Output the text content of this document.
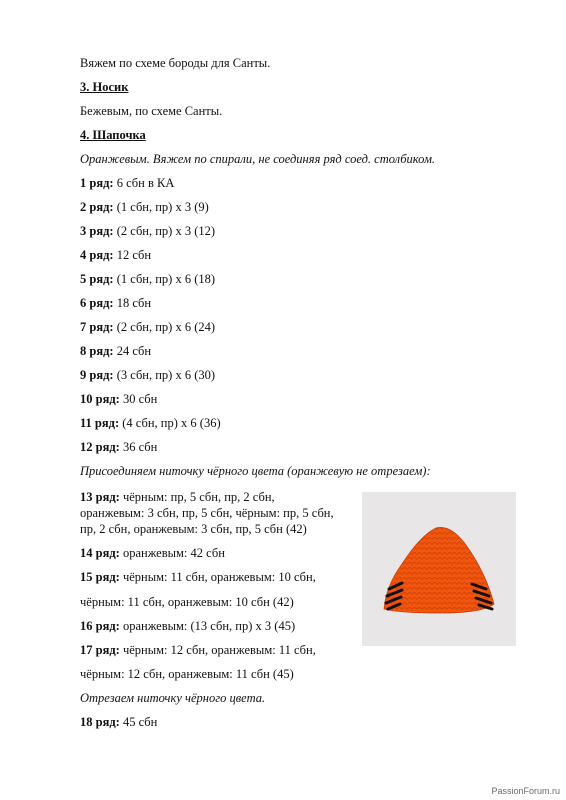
Вяжем по схеме бороды для Санты.
3. Носик
Бежевым, по схеме Санты.
4. Шапочка
Оранжевым. Вяжем по спирали, не соединяя ряд соед. столбиком.
1 ряд: 6 сбн в КА
2 ряд: (1 сбн, пр) х 3 (9)
3 ряд: (2 сбн, пр) х 3 (12)
4 ряд: 12 сбн
5 ряд: (1 сбн, пр) х 6 (18)
6 ряд: 18 сбн
7 ряд: (2 сбн, пр) х 6 (24)
8 ряд: 24 сбн
9 ряд: (3 сбн, пр) х 6 (30)
10 ряд: 30 сбн
11 ряд: (4 сбн, пр) х 6 (36)
12 ряд: 36 сбн
Присоединяем ниточку чёрного цвета (оранжевую не отрезаем):
13 ряд: чёрным: пр, 5 сбн, пр, 2 сбн,
оранжевым: 3 сбн, пр, 5 сбн, чёрным: пр, 5 сбн,
пр, 2 сбн, оранжевым: 3 сбн, пр, 5 сбн (42)
14 ряд: оранжевым: 42 сбн
15 ряд: чёрным: 11 сбн, оранжевым: 10 сбн,
чёрным: 11 сбн, оранжевым: 10 сбн (42)
16 ряд: оранжевым: (13 сбн, пр) х 3 (45)
17 ряд: чёрным: 12 сбн, оранжевым: 11 сбн,
чёрным: 12 сбн, оранжевым: 11 сбн (45)
Отрезаем ниточку чёрного цвета.
18 ряд: 45 сбн
PassionForum.ru
